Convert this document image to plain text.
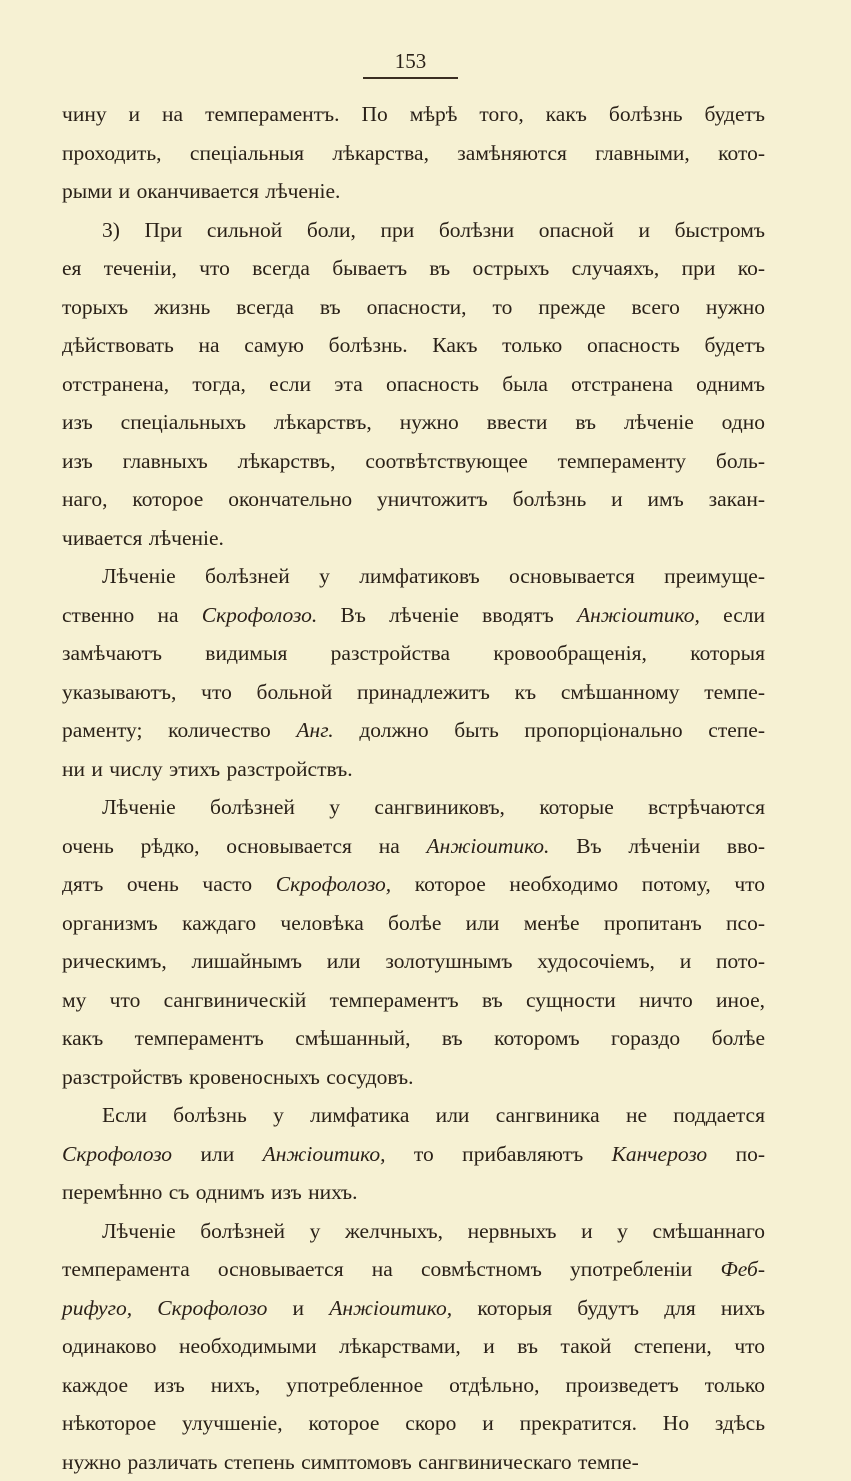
153
чину и на темпераментъ. По мѣрѣ того, какъ болѣзнь будетъ
проходить, спеціальныя лѣкарства, замѣняются главными, кото-
рыми и оканчивается лѣченіе.
3) При сильной боли, при болѣзни опасной и быстромъ
ея теченіи, что всегда бываетъ въ острыхъ случаяхъ, при ко-
торыхъ жизнь всегда въ опасности, то прежде всего нужно
дѣйствовать на самую болѣзнь. Какъ только опасность будетъ
отстранена, тогда, если эта опасность была отстранена однимъ
изъ спеціальныхъ лѣкарствъ, нужно ввести въ лѣченіе одно
изъ главныхъ лѣкарствъ, соотвѣтствующее темпераменту боль-
наго, которое окончательно уничтожитъ болѣзнь и имъ закан-
чивается лѣченіе.
Лѣченіе болѣзней у лимфатиковъ основывается преимуще-
ственно на Скрофолозо. Въ лѣченіе вводятъ Анжіоитико, если
замѣчаютъ видимыя разстройства кровообращенія, которыя
указываютъ, что больной принадлежитъ къ смѣшанному темпе-
раменту; количество Анг. должно быть пропорціонально степе-
ни и числу этихъ разстройствъ.
Лѣченіе болѣзней у сангвиниковъ, которые встрѣчаются
очень рѣдко, основывается на Анжіоитико. Въ лѣченіи вво-
дятъ очень часто Скрофолозо, которое необходимо потому, что
организмъ каждаго человѣка болѣе или менѣе пропитанъ псо-
рическимъ, лишайнымъ или золотушнымъ худосочіемъ, и пото-
му что сангвиническій темпераментъ въ сущности ничто иное,
какъ темпераментъ смѣшанный, въ которомъ гораздо болѣе
разстройствъ кровеносныхъ сосудовъ.
Если болѣзнь у лимфатика или сангвиника не поддается
Скрофолозо или Анжіоитико, то прибавляютъ Канчерозо по-
перемѣнно съ однимъ изъ нихъ.
Лѣченіе болѣзней у желчныхъ, нервныхъ и у смѣшаннаго
темперамента основывается на совмѣстномъ употребленіи Феб-
рифуго, Скрофолозо и Анжіоитико, которыя будутъ для нихъ
одинаково необходимыми лѣкарствами, и въ такой степени, что
каждое изъ нихъ, употребленное отдѣльно, произведетъ только
нѣкоторое улучшеніе, которое скоро и прекратится. Но здѣсь
нужно различать степень симптомовъ сангвиническаго темпе-
